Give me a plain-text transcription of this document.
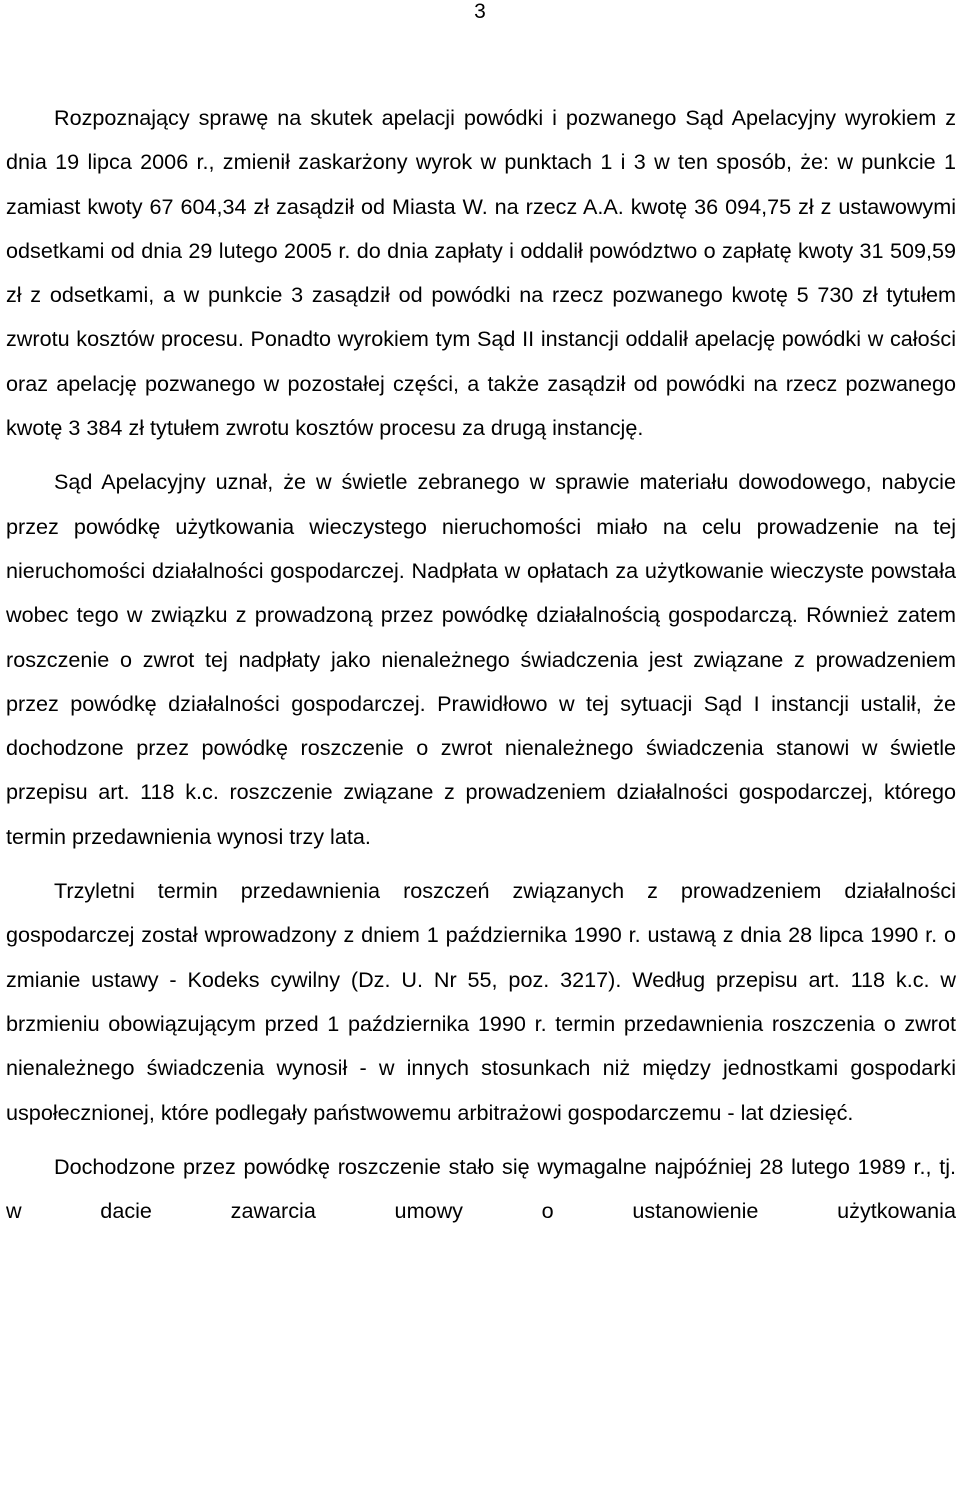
3

Rozpoznający sprawę na skutek apelacji powódki i pozwanego Sąd Apelacyjny wyrokiem z dnia 19 lipca 2006 r., zmienił zaskarżony wyrok w punktach 1 i 3 w ten sposób, że: w punkcie 1 zamiast kwoty 67 604,34 zł zasądził od Miasta W. na rzecz A.A. kwotę 36 094,75 zł z ustawowymi odsetkami od dnia 29 lutego 2005 r. do dnia zapłaty i oddalił powództwo o zapłatę kwoty 31 509,59 zł z odsetkami, a w punkcie 3 zasądził od powódki na rzecz pozwanego kwotę 5 730 zł tytułem zwrotu kosztów procesu. Ponadto wyrokiem tym Sąd II instancji oddalił apelację powódki w całości oraz apelację pozwanego w pozostałej części, a także zasądził od powódki na rzecz pozwanego kwotę 3 384 zł tytułem zwrotu kosztów procesu za drugą instancję.

Sąd Apelacyjny uznał, że w świetle zebranego w sprawie materiału dowodowego, nabycie przez powódkę użytkowania wieczystego nieruchomości miało na celu prowadzenie na tej nieruchomości działalności gospodarczej. Nadpłata w opłatach za użytkowanie wieczyste powstała wobec tego w związku z prowadzoną przez powódkę działalnością gospodarczą. Również zatem roszczenie o zwrot tej nadpłaty jako nienależnego świadczenia jest związane z prowadzeniem przez powódkę działalności gospodarczej. Prawidłowo w tej sytuacji Sąd I instancji ustalił, że dochodzone przez powódkę roszczenie o zwrot nienależnego świadczenia stanowi w świetle przepisu art. 118 k.c. roszczenie związane z prowadzeniem działalności gospodarczej, którego termin przedawnienia wynosi trzy lata.

Trzyletni termin przedawnienia roszczeń związanych z prowadzeniem działalności gospodarczej został wprowadzony z dniem 1 października 1990 r. ustawą z dnia 28 lipca 1990 r. o zmianie ustawy - Kodeks cywilny (Dz. U. Nr 55, poz. 3217). Według przepisu art. 118 k.c. w brzmieniu obowiązującym przed 1 października 1990 r. termin przedawnienia roszczenia o zwrot nienależnego świadczenia wynosił - w innych stosunkach niż między jednostkami gospodarki uspołecznionej, które podlegały państwowemu arbitrażowi gospodarczemu - lat dziesięć.

Dochodzone przez powódkę roszczenie stało się wymagalne najpóźniej 28 lutego 1989 r., tj. w dacie zawarcia umowy o ustanowienie użytkowania
